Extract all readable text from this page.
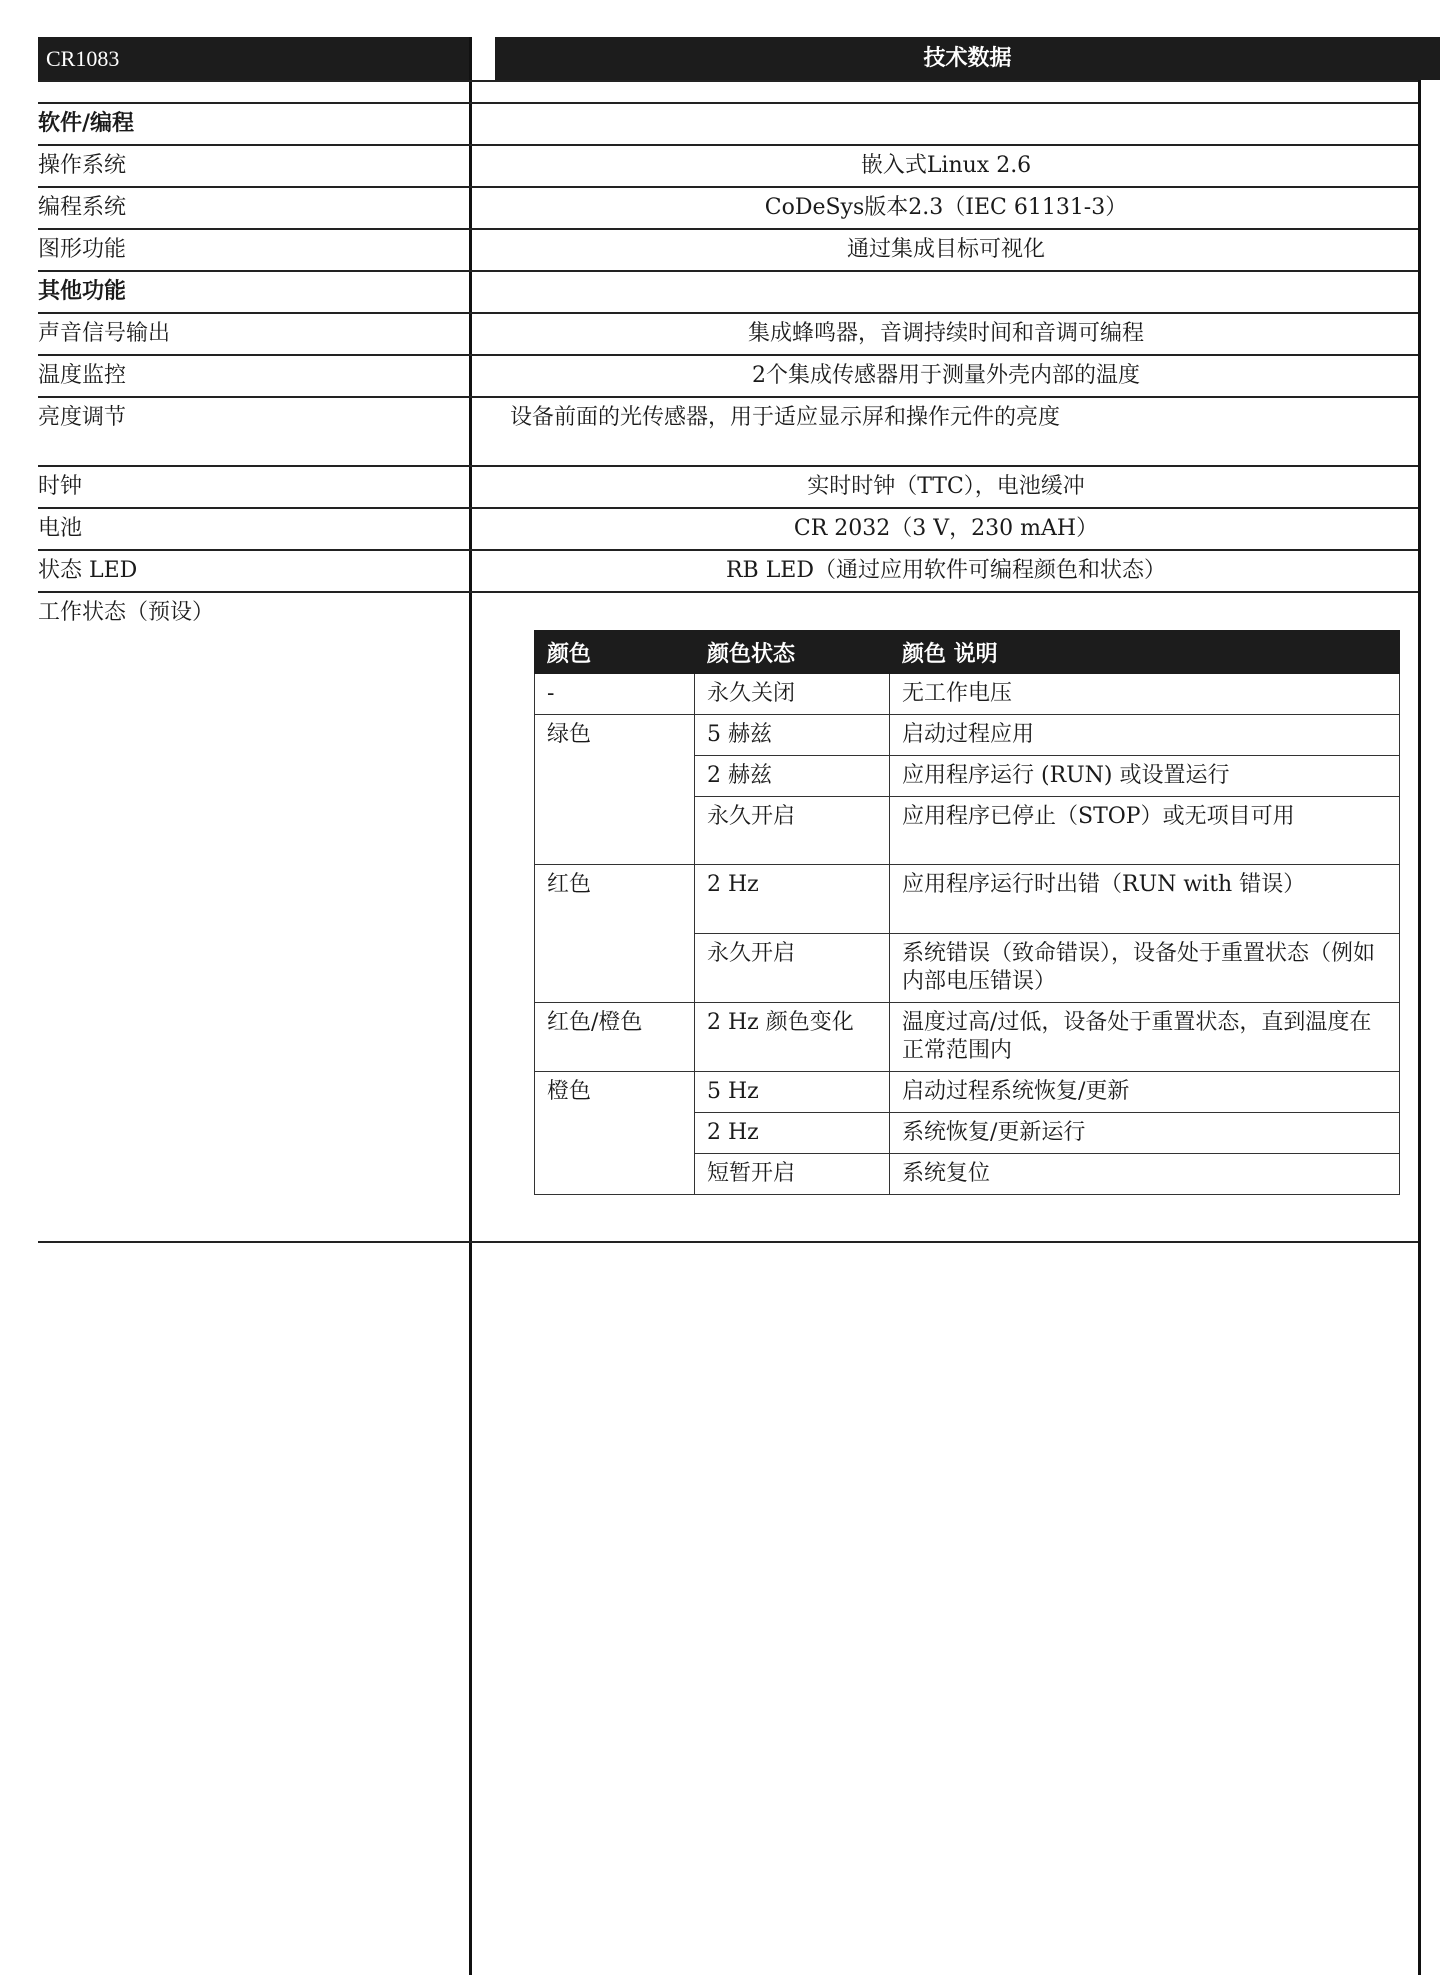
CR1083	技术数据
软件/编程
操作系统	嵌入式Linux 2.6
编程系统	CoDeSys版本2.3（IEC 61131-3）
图形功能	通过集成目标可视化
其他功能
声音信号输出	集成蜂鸣器，音调持续时间和音调可编程
温度监控	2个集成传感器用于测量外壳内部的温度
亮度调节	设备前面的光传感器，用于适应显示屏和操作元件的亮度
时钟	实时时钟（TTC），电池缓冲
电池	CR 2032（3 V，230 mAH）
状态 LED	RB LED（通过应用软件可编程颜色和状态）
工作状态（预设）
颜色	颜色状态	颜色 说明
-	永久关闭	无工作电压
绿色	5 赫兹	启动过程应用
	2 赫兹	应用程序运行 (RUN) 或设置运行
	永久开启	应用程序已停止（STOP）或无项目可用
红色	2 Hz	应用程序运行时出错（RUN with 错误）
	永久开启	系统错误（致命错误），设备处于重置状态（例如内部电压错误）
红色/橙色	2 Hz 颜色变化	温度过高/过低，设备处于重置状态，直到温度在正常范围内
橙色	5 Hz	启动过程系统恢复/更新
	2 Hz	系统恢复/更新运行
	短暂开启	系统复位
